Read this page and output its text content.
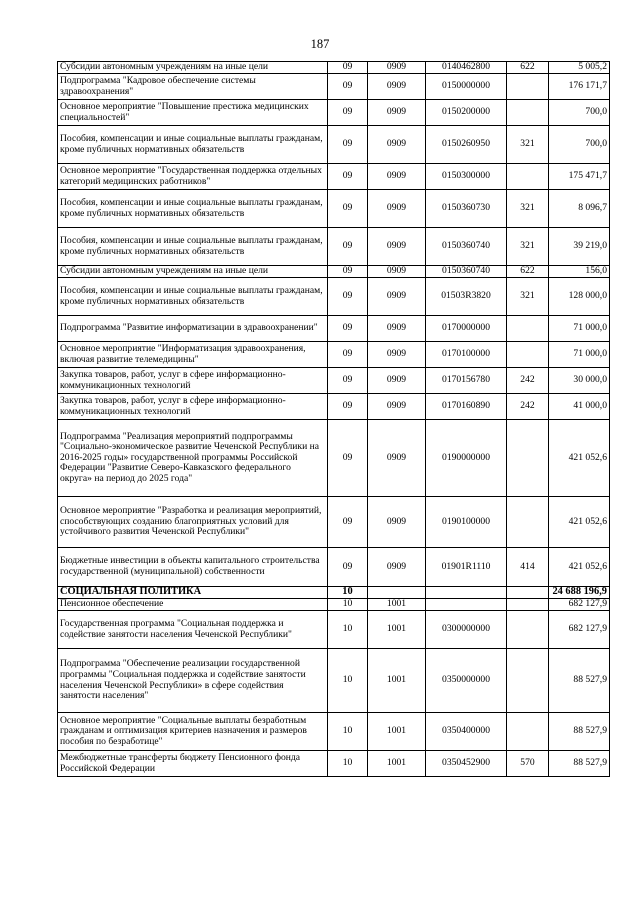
187
Субсидии автономным учреждениям на иные цели	09	0909	0140462800	622	5 005,2
Подпрограмма "Кадровое обеспечение системы здравоохранения"	09	0909	0150000000		176 171,7
Основное мероприятие "Повышение престижа медицинских специальностей"	09	0909	0150200000		700,0
Пособия, компенсации и иные социальные выплаты гражданам, кроме публичных нормативных обязательств	09	0909	0150260950	321	700,0
Основное мероприятие "Государственная поддержка отдельных категорий медицинских работников"	09	0909	0150300000		175 471,7
Пособия, компенсации и иные социальные выплаты гражданам, кроме публичных нормативных обязательств	09	0909	0150360730	321	8 096,7
Пособия, компенсации и иные социальные выплаты гражданам, кроме публичных нормативных обязательств	09	0909	0150360740	321	39 219,0
Субсидии автономным учреждениям на иные цели	09	0909	0150360740	622	156,0
Пособия, компенсации и иные социальные выплаты гражданам, кроме публичных нормативных обязательств	09	0909	01503R3820	321	128 000,0
Подпрограмма "Развитие информатизации в здравоохранении"	09	0909	0170000000		71 000,0
Основное мероприятие "Информатизация здравоохранения, включая развитие телемедицины"	09	0909	0170100000		71 000,0
Закупка товаров, работ, услуг в сфере информационно-коммуникационных технологий	09	0909	0170156780	242	30 000,0
Закупка товаров, работ, услуг в сфере информационно-коммуникационных технологий	09	0909	0170160890	242	41 000,0
Подпрограмма "Реализация мероприятий подпрограммы "Социально-экономическое развитие Чеченской Республики на 2016-2025 годы» государственной программы Российской Федерации "Развитие Северо-Кавказского федерального округа» на период до 2025 года"	09	0909	0190000000		421 052,6
Основное мероприятие "Разработка и реализация мероприятий, способствующих созданию благоприятных условий для устойчивого развития Чеченской Республики"	09	0909	0190100000		421 052,6
Бюджетные инвестиции в объекты капитального строительства государственной (муниципальной) собственности	09	0909	01901R1110	414	421 052,6
СОЦИАЛЬНАЯ ПОЛИТИКА	10				24 688 196,9
Пенсионное обеспечение	10	1001			682 127,9
Государственная программа "Социальная поддержка и содействие занятости населения Чеченской Республики"	10	1001	0300000000		682 127,9
Подпрограмма "Обеспечение реализации государственной программы "Социальная поддержка и содействие занятости населения Чеченской Республики» в сфере содействия занятости населения"	10	1001	0350000000		88 527,9
Основное мероприятие "Социальные выплаты безработным гражданам и оптимизация критериев назначения и размеров пособия по безработице"	10	1001	0350400000		88 527,9
Межбюджетные трансферты бюджету Пенсионного фонда Российской Федерации	10	1001	0350452900	570	88 527,9
